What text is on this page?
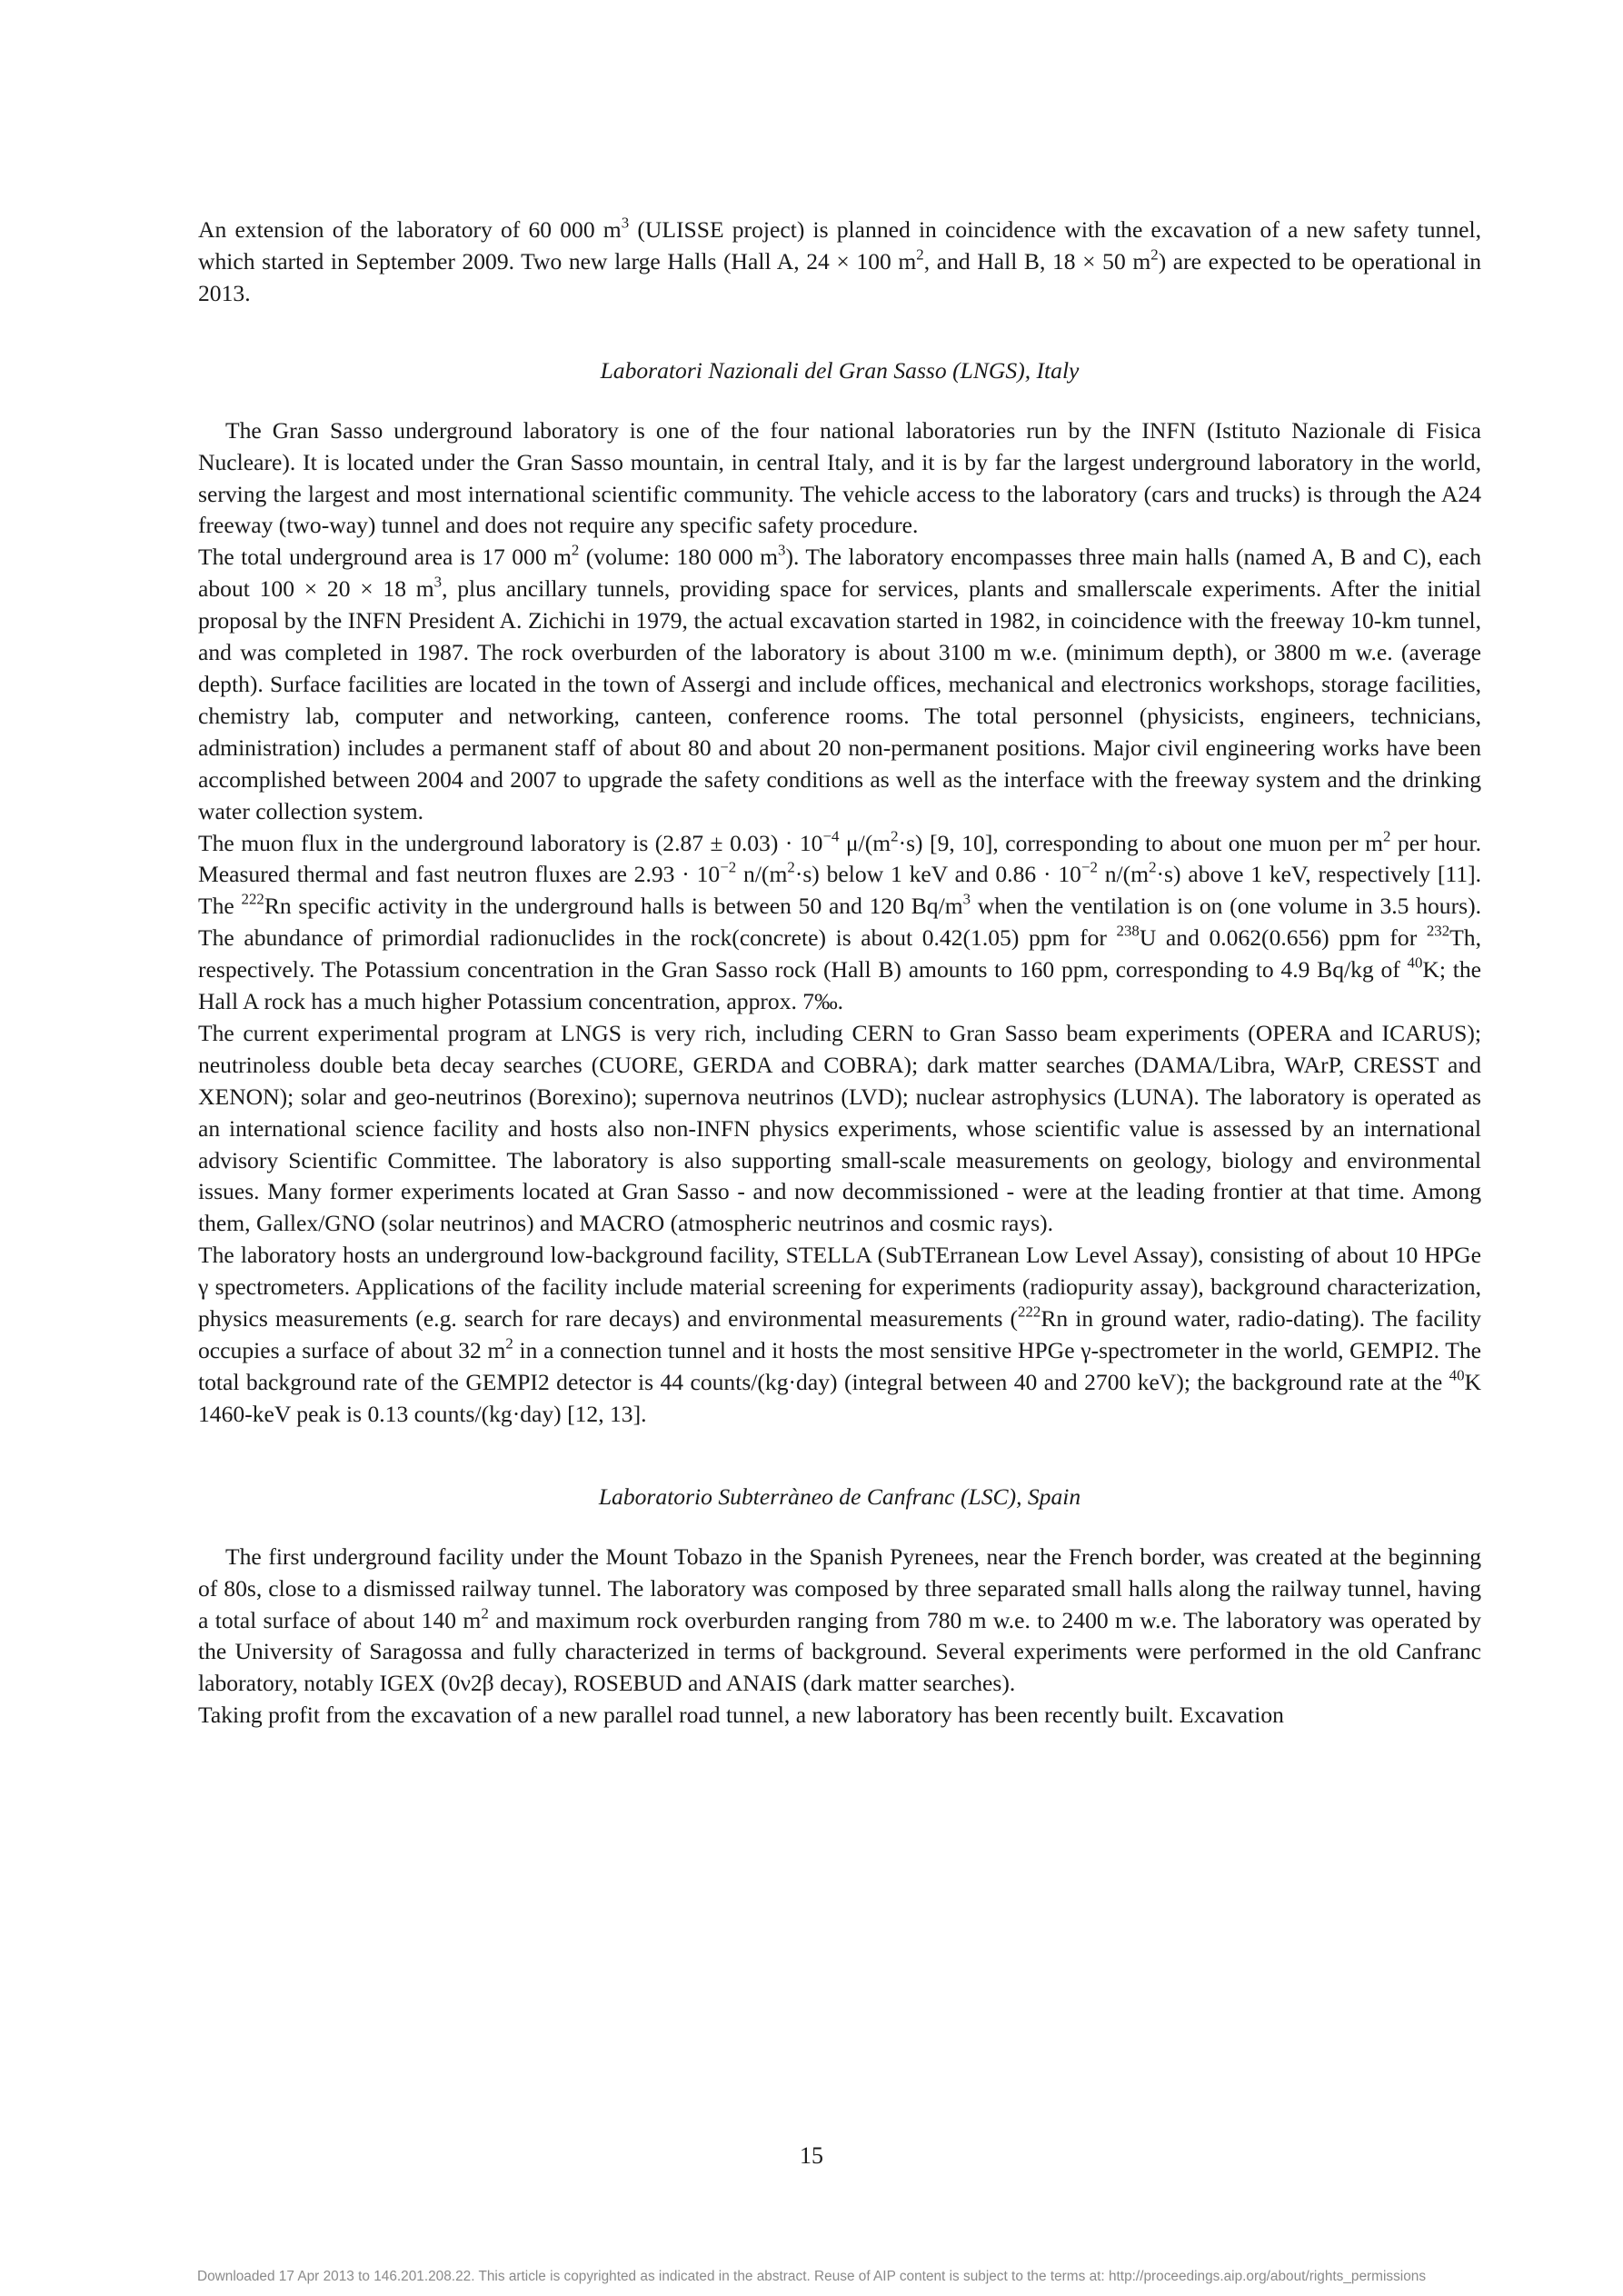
An extension of the laboratory of 60 000 $m^3$ (ULISSE project) is planned in coincidence with the excavation of a new safety tunnel, which started in September 2009. Two new large Halls (Hall A, 24 × 100 $m^2$, and Hall B, 18 × 50 $m^2$) are expected to be operational in 2013.

Laboratori Nazionali del Gran Sasso (LNGS), Italy

The Gran Sasso underground laboratory is one of the four national laboratories run by the INFN (Istituto Nazionale di Fisica Nucleare). It is located under the Gran Sasso mountain, in central Italy, and it is by far the largest underground laboratory in the world, serving the largest and most international scientific community. The vehicle access to the laboratory (cars and trucks) is through the A24 freeway (two-way) tunnel and does not require any specific safety procedure.

The total underground area is 17 000 $m^2$ (volume: 180 000 $m^3$). The laboratory encompasses three main halls (named A, B and C), each about 100 × 20 × 18 $m^3$, plus ancillary tunnels, providing space for services, plants and smallerscale experiments. After the initial proposal by the INFN President A. Zichichi in 1979, the actual excavation started in 1982, in coincidence with the freeway 10-km tunnel, and was completed in 1987. The rock overburden of the laboratory is about 3100 m w.e. (minimum depth), or 3800 m w.e. (average depth). Surface facilities are located in the town of Assergi and include offices, mechanical and electronics workshops, storage facilities, chemistry lab, computer and networking, canteen, conference rooms. The total personnel (physicists, engineers, technicians, administration) includes a permanent staff of about 80 and about 20 non-permanent positions. Major civil engineering works have been accomplished between 2004 and 2007 to upgrade the safety conditions as well as the interface with the freeway system and the drinking water collection system.

The muon flux in the underground laboratory is $(2.87 \pm 0.03) \cdot 10^{-4}$ $\mu/(m^2\cdot s)$ [9, 10], corresponding to about one muon per $m^2$ per hour. Measured thermal and fast neutron fluxes are $2.93 \cdot 10^{-2}$ $n/(m^2\cdot s)$ below 1 keV and $0.86 \cdot 10^{-2}$ $n/(m^2\cdot s)$ above 1 keV, respectively [11]. The $^{222}$Rn specific activity in the underground halls is between 50 and 120 $Bq/m^3$ when the ventilation is on (one volume in 3.5 hours). The abundance of primordial radionuclides in the rock(concrete) is about 0.42(1.05) ppm for $^{238}$U and 0.062(0.656) ppm for $^{232}$Th, respectively. The Potassium concentration in the Gran Sasso rock (Hall B) amounts to 160 ppm, corresponding to 4.9 Bq/kg of $^{40}$K; the Hall A rock has a much higher Potassium concentration, approx. 7‰.

The current experimental program at LNGS is very rich, including CERN to Gran Sasso beam experiments (OPERA and ICARUS); neutrinoless double beta decay searches (CUORE, GERDA and COBRA); dark matter searches (DAMA/Libra, WArP, CRESST and XENON); solar and geo-neutrinos (Borexino); supernova neutrinos (LVD); nuclear astrophysics (LUNA). The laboratory is operated as an international science facility and hosts also non-INFN physics experiments, whose scientific value is assessed by an international advisory Scientific Committee. The laboratory is also supporting small-scale measurements on geology, biology and environmental issues. Many former experiments located at Gran Sasso - and now decommissioned - were at the leading frontier at that time. Among them, Gallex/GNO (solar neutrinos) and MACRO (atmospheric neutrinos and cosmic rays).

The laboratory hosts an underground low-background facility, STELLA (SubTErranean Low Level Assay), consisting of about 10 HPGe γ spectrometers. Applications of the facility include material screening for experiments (radiopurity assay), background characterization, physics measurements (e.g. search for rare decays) and environmental measurements ($^{222}$Rn in ground water, radio-dating). The facility occupies a surface of about 32 $m^2$ in a connection tunnel and it hosts the most sensitive HPGe γ-spectrometer in the world, GEMPI2. The total background rate of the GEMPI2 detector is 44 counts/(kg·day) (integral between 40 and 2700 keV); the background rate at the $^{40}$K 1460-keV peak is 0.13 counts/(kg·day) [12, 13].

Laboratorio Subterràneo de Canfranc (LSC), Spain

The first underground facility under the Mount Tobazo in the Spanish Pyrenees, near the French border, was created at the beginning of 80s, close to a dismissed railway tunnel. The laboratory was composed by three separated small halls along the railway tunnel, having a total surface of about 140 $m^2$ and maximum rock overburden ranging from 780 m w.e. to 2400 m w.e. The laboratory was operated by the University of Saragossa and fully characterized in terms of background. Several experiments were performed in the old Canfranc laboratory, notably IGEX (0ν2β decay), ROSEBUD and ANAIS (dark matter searches).

Taking profit from the excavation of a new parallel road tunnel, a new laboratory has been recently built. Excavation

15
Downloaded 17 Apr 2013 to 146.201.208.22. This article is copyrighted as indicated in the abstract. Reuse of AIP content is subject to the terms at: http://proceedings.aip.org/about/rights_permissions
